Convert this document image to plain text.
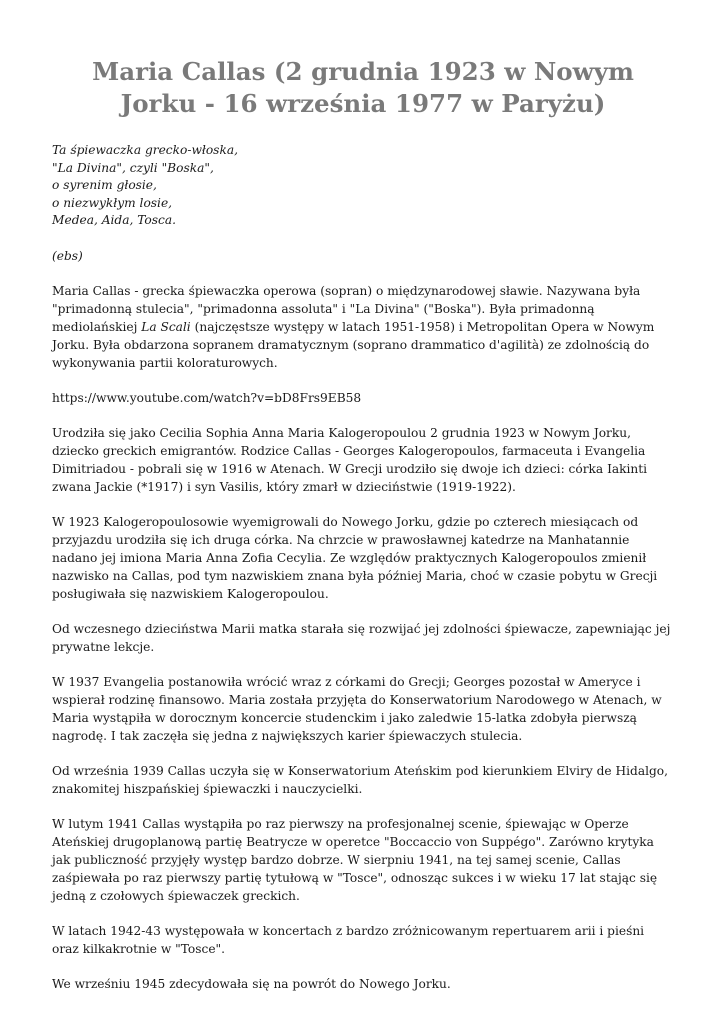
Maria Callas (2 grudnia 1923 w Nowym Jorku - 16 września 1977 w Paryżu)
Ta śpiewaczka grecko-włoska,
"La Divina", czyli "Boska",
o syrenim głosie,
o niezwykłym losie,
Medea, Aida, Tosca.

(ebs)

Maria Callas - grecka śpiewaczka operowa (sopran) o międzynarodowej sławie. Nazywana była "primadonną stulecia", "primadonna assoluta" i "La Divina" ("Boska"). Była primadonną mediolańskiej La Scali (najczęstsze występy w latach 1951-1958) i Metropolitan Opera w Nowym Jorku. Była obdarzona sopranem dramatycznym (soprano drammatico d'agilità) ze zdolnością do wykonywania partii koloraturowych.

https://www.youtube.com/watch?v=bD8Frs9EB58

Urodziła się jako Cecilia Sophia Anna Maria Kalogeropoulou 2 grudnia 1923 w Nowym Jorku, dziecko greckich emigrantów. Rodzice Callas - Georges Kalogeropoulos, farmaceuta i Evangelia Dimitriadou - pobrali się w 1916 w Atenach. W Grecji urodziło się dwoje ich dzieci: córka Iakinti zwana Jackie (*1917) i syn Vasilis, który zmarł w dzieciństwie (1919-1922).

W 1923 Kalogeropoulosowie wyemigrowali do Nowego Jorku, gdzie po czterech miesiącach od przyjazdu urodziła się ich druga córka. Na chrzcie w prawosławnej katedrze na Manhatannie nadano jej imiona Maria Anna Zofia Cecylia. Ze względów praktycznych Kalogeropoulos zmienił nazwisko na Callas, pod tym nazwiskiem znana była później Maria, choć w czasie pobytu w Grecji posługiwała się nazwiskiem Kalogeropoulou.

Od wczesnego dzieciństwa Marii matka starała się rozwijać jej zdolności śpiewacze, zapewniając jej prywatne lekcje.

W 1937 Evangelia postanowiła wrócić wraz z córkami do Grecji; Georges pozostał w Ameryce i wspierał rodzinę finansowo. Maria została przyjęta do Konserwatorium Narodowego w Atenach, w Maria wystąpiła w dorocznym koncercie studenckim i jako zaledwie 15-latka zdobyła pierwszą nagrodę. I tak zaczęła się jedna z największych karier śpiewaczych stulecia.

Od września 1939 Callas uczyła się w Konserwatorium Ateńskim pod kierunkiem Elviry de Hidalgo, znakomitej hiszpańskiej śpiewaczki i nauczycielki.

W lutym 1941 Callas wystąpiła po raz pierwszy na profesjonalnej scenie, śpiewając w Operze Ateńskiej drugoplanową partię Beatrycze w operetce "Boccaccio von Suppégo". Zarówno krytyka jak publiczność przyjęły występ bardzo dobrze. W sierpniu 1941, na tej samej scenie, Callas zaśpiewała po raz pierwszy partię tytułową w "Tosce", odnosząc sukces i w wieku 17 lat stając się jedną z czołowych śpiewaczek greckich.

W latach 1942-43 występowała w koncertach z bardzo zróżnicowanym repertuarem arii i pieśni oraz kilkakrotnie w "Tosce".

We wrześniu 1945 zdecydowała się na powrót do Nowego Jorku.
